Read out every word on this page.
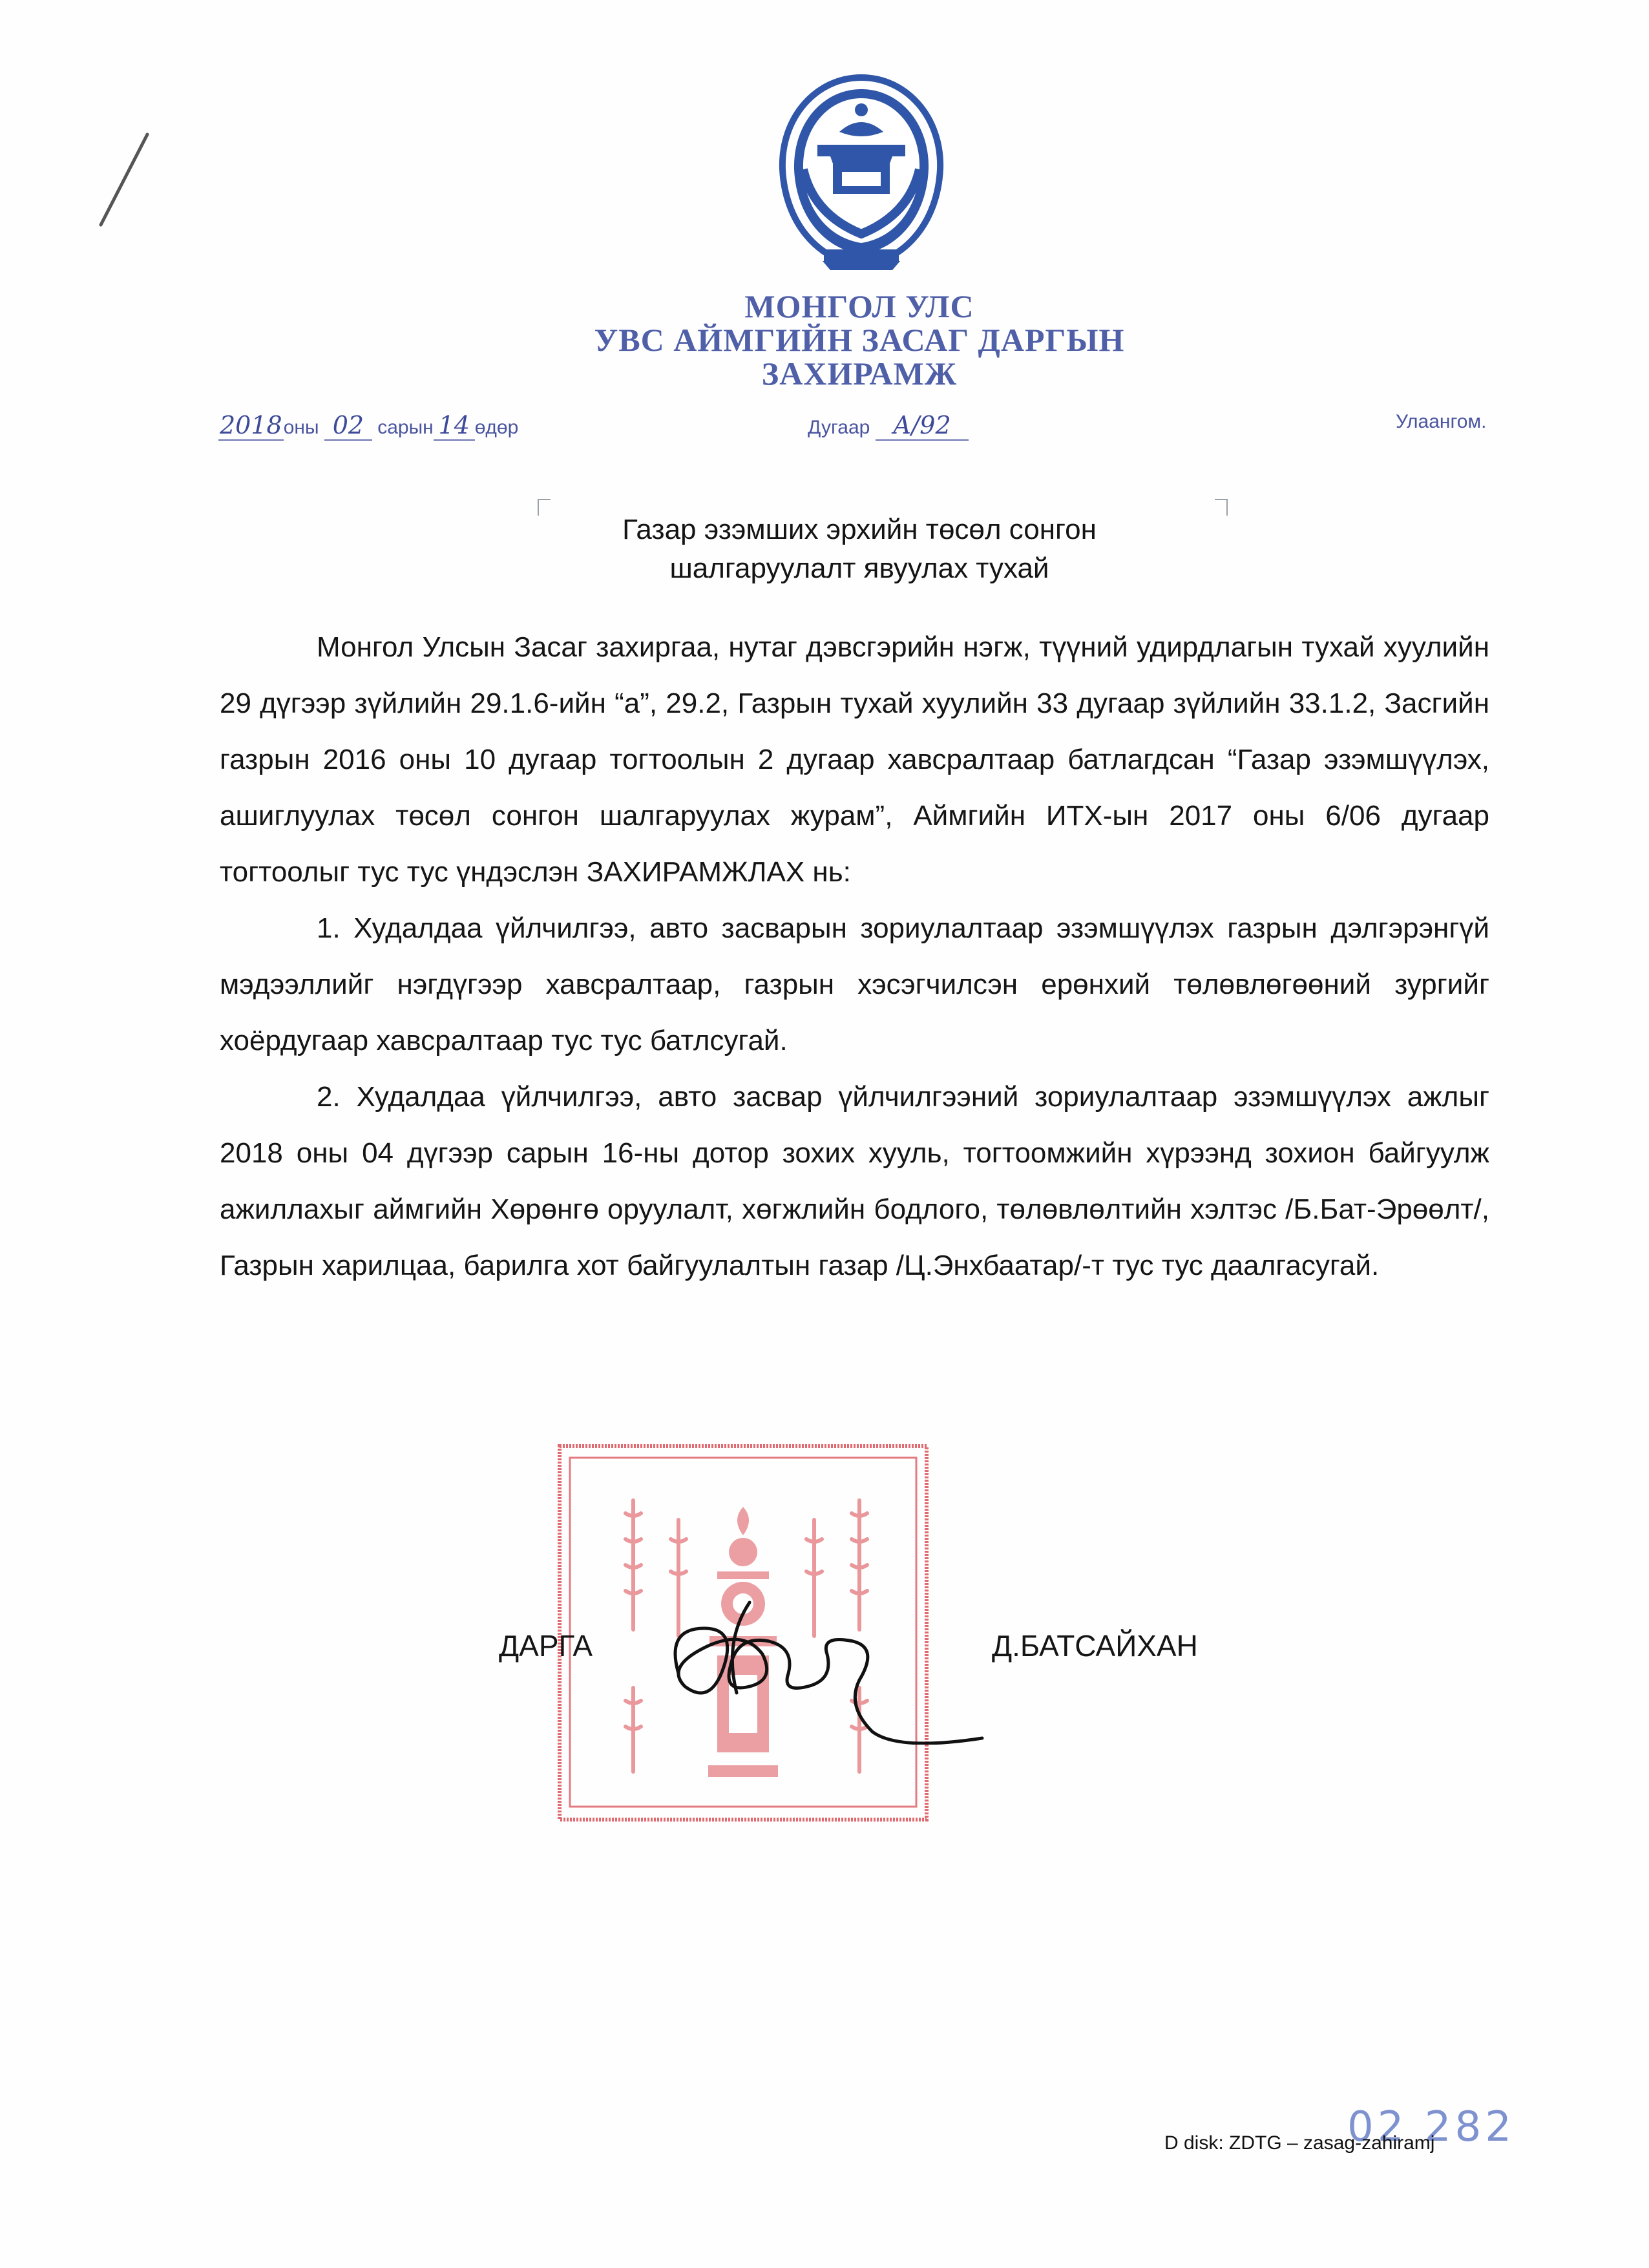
МОНГОЛ УЛС
УВС АЙМГИЙН ЗАСАГ ДАРГЫН
ЗАХИРАМЖ
2018оны 02 сарын 14 өдөр	Дугаар А/92	Улаангом.
Газар эзэмших эрхийн төсөл сонгон
шалгаруулалт явуулах тухай

Монгол Улсын Засаг захиргаа, нутаг дэвсгэрийн нэгж, түүний удирдлагын тухай хуулийн 29 дүгээр зүйлийн 29.1.6-ийн “а”, 29.2, Газрын тухай хуулийн 33 дугаар зүйлийн 33.1.2, Засгийн газрын 2016 оны 10 дугаар тогтоолын 2 дугаар хавсралтаар батлагдсан “Газар эзэмшүүлэх, ашиглуулах төсөл сонгон шалгаруулах журам”, Аймгийн ИТХ-ын 2017 оны 6/06 дугаар тогтоолыг тус тус үндэслэн ЗАХИРАМЖЛАХ нь:

1. Худалдаа үйлчилгээ, авто засварын зориулалтаар эзэмшүүлэх газрын дэлгэрэнгүй мэдээллийг нэгдүгээр хавсралтаар, газрын хэсэгчилсэн ерөнхий төлөвлөгөөний зургийг хоёрдугаар хавсралтаар тус тус батлсугай.

2. Худалдаа үйлчилгээ, авто засвар үйлчилгээний зориулалтаар эзэмшүүлэх ажлыг 2018 оны 04 дүгээр сарын 16-ны дотор зохих хууль, тогтоомжийн хүрээнд зохион байгуулж ажиллахыг аймгийн Хөрөнгө оруулалт, хөгжлийн бодлого, төлөвлөлтийн хэлтэс /Б.Бат-Эрөөлт/, Газрын харилцаа, барилга хот байгуулалтын газар /Ц.Энхбаатар/-т тус тус даалгасугай.

ДАРГА	Д.БАТСАЙХАН
02 282
D disk: ZDTG – zasag-zahiramj
